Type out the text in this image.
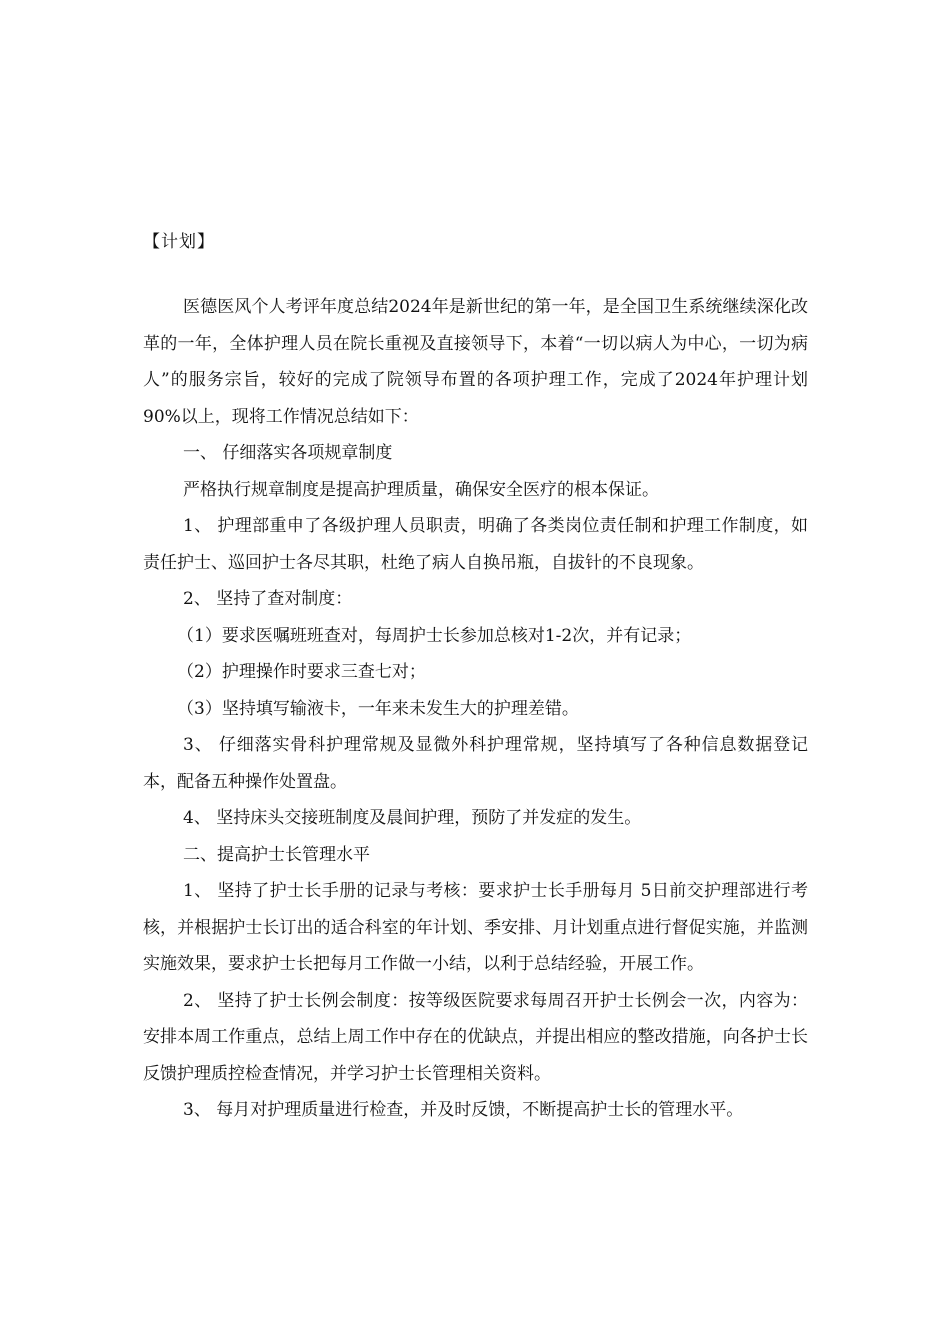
【计划】

医德医风个人考评年度总结2024年是新世纪的第一年，是全国卫生系统继续深化改革的一年，全体护理人员在院长重视及直接领导下，本着“一切以病人为中心，一切为病人”的服务宗旨，较好的完成了院领导布置的各项护理工作，完成了2024年护理计划90%以上，现将工作情况总结如下：

一、 仔细落实各项规章制度

严格执行规章制度是提高护理质量，确保安全医疗的根本保证。

1、 护理部重申了各级护理人员职责，明确了各类岗位责任制和护理工作制度，如责任护士、巡回护士各尽其职，杜绝了病人自换吊瓶，自拔针的不良现象。

2、 坚持了查对制度：

（1）要求医嘱班班查对，每周护士长参加总核对1-2次，并有记录；

（2）护理操作时要求三查七对；

（3）坚持填写输液卡，一年来未发生大的护理差错。

3、 仔细落实骨科护理常规及显微外科护理常规，坚持填写了各种信息数据登记本，配备五种操作处置盘。

4、 坚持床头交接班制度及晨间护理，预防了并发症的发生。

二、提高护士长管理水平

1、 坚持了护士长手册的记录与考核：要求护士长手册每月 5日前交护理部进行考核，并根据护士长订出的适合科室的年计划、季安排、月计划重点进行督促实施，并监测实施效果，要求护士长把每月工作做一小结，以利于总结经验，开展工作。

2、 坚持了护士长例会制度：按等级医院要求每周召开护士长例会一次，内容为：安排本周工作重点，总结上周工作中存在的优缺点，并提出相应的整改措施，向各护士长反馈护理质控检查情况，并学习护士长管理相关资料。

3、 每月对护理质量进行检查，并及时反馈，不断提高护士长的管理水平。
